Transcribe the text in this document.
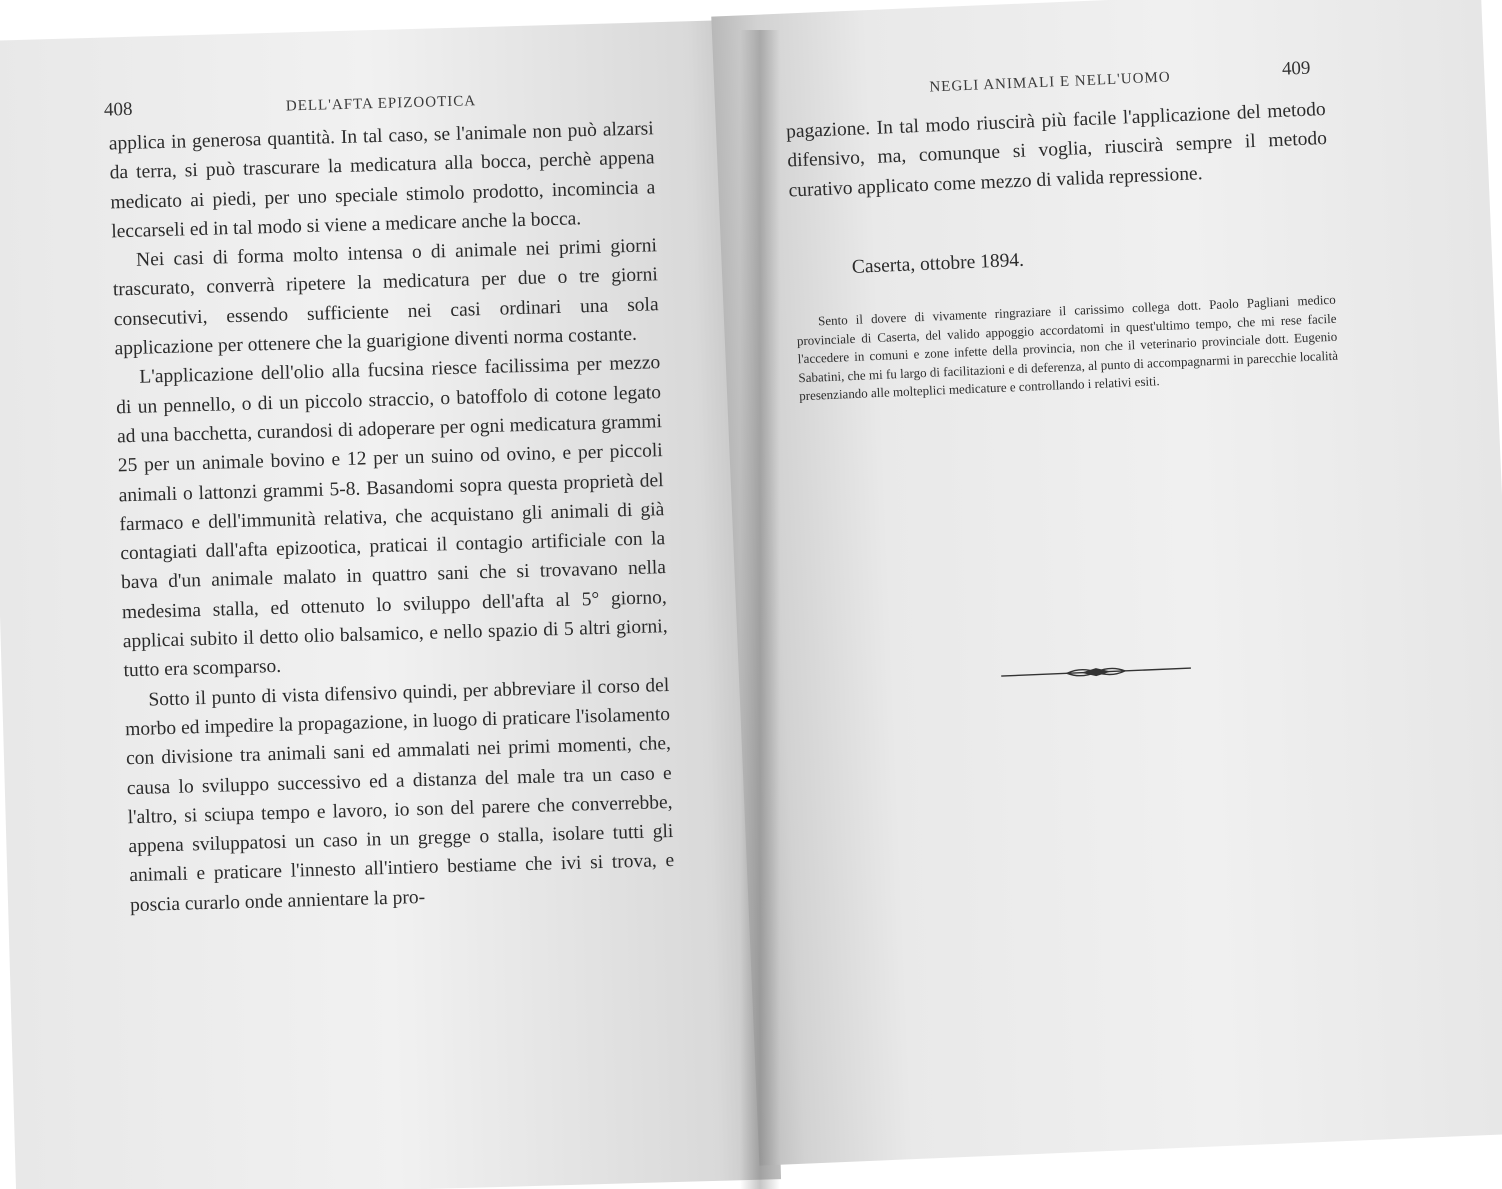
408	DELL'AFTA EPIZOOTICA

applica in generosa quantità. In tal caso, se l'animale non può alzarsi da terra, si può trascurare la medicatura alla bocca, perchè appena medicato ai piedi, per uno speciale stimolo prodotto, incomincia a leccarseli ed in tal modo si viene a medicare anche la bocca.

Nei casi di forma molto intensa o di animale nei primi giorni trascurato, converrà ripetere la medicatura per due o tre giorni consecutivi, essendo sufficiente nei casi ordinari una sola applicazione per ottenere che la guarigione diventi norma costante.

L'applicazione dell'olio alla fucsina riesce facilissima per mezzo di un pennello, o di un piccolo straccio, o batoffolo di cotone legato ad una bacchetta, curandosi di adoperare per ogni medicatura grammi 25 per un animale bovino e 12 per un suino od ovino, e per piccoli animali o lattonzi grammi 5-8. Basandomi sopra questa proprietà del farmaco e dell'immunità relativa, che acquistano gli animali di già contagiati dall'afta epizootica, praticai il contagio artificiale con la bava d'un animale malato in quattro sani che si trovavano nella medesima stalla, ed ottenuto lo sviluppo dell'afta al 5° giorno, applicai subito il detto olio balsamico, e nello spazio di 5 altri giorni, tutto era scomparso.

Sotto il punto di vista difensivo quindi, per abbreviare il corso del morbo ed impedire la propagazione, in luogo di praticare l'isolamento con divisione tra animali sani ed ammalati nei primi momenti, che, causa lo sviluppo successivo ed a distanza del male tra un caso e l'altro, si sciupa tempo e lavoro, io son del parere che converrebbe, appena sviluppatosi un caso in un gregge o stalla, isolare tutti gli animali e praticare l'innesto all'intiero bestiame che ivi si trova, e poscia curarlo onde annientare la pro-

NEGLI ANIMALI E NELL'UOMO
409

pagazione. In tal modo riuscirà più facile l'applicazione del metodo difensivo, ma, comunque si voglia, riuscirà sempre il metodo curativo applicato come mezzo di valida repressione.

Caserta, ottobre 1894.
Sento il dovere di vivamente ringraziare il carissimo collega dott. Paolo Pagliani medico provinciale di Caserta, del valido appoggio accordatomi in quest'ultimo tempo, che mi rese facile l'accedere in comuni e zone infette della provincia, non che il veterinario provinciale dott. Eugenio Sabatini, che mi fu largo di facilitazioni e di deferenza, al punto di accompagnarmi in parecchie località presenziando alle molteplici medicature e controllando i relativi esiti.
